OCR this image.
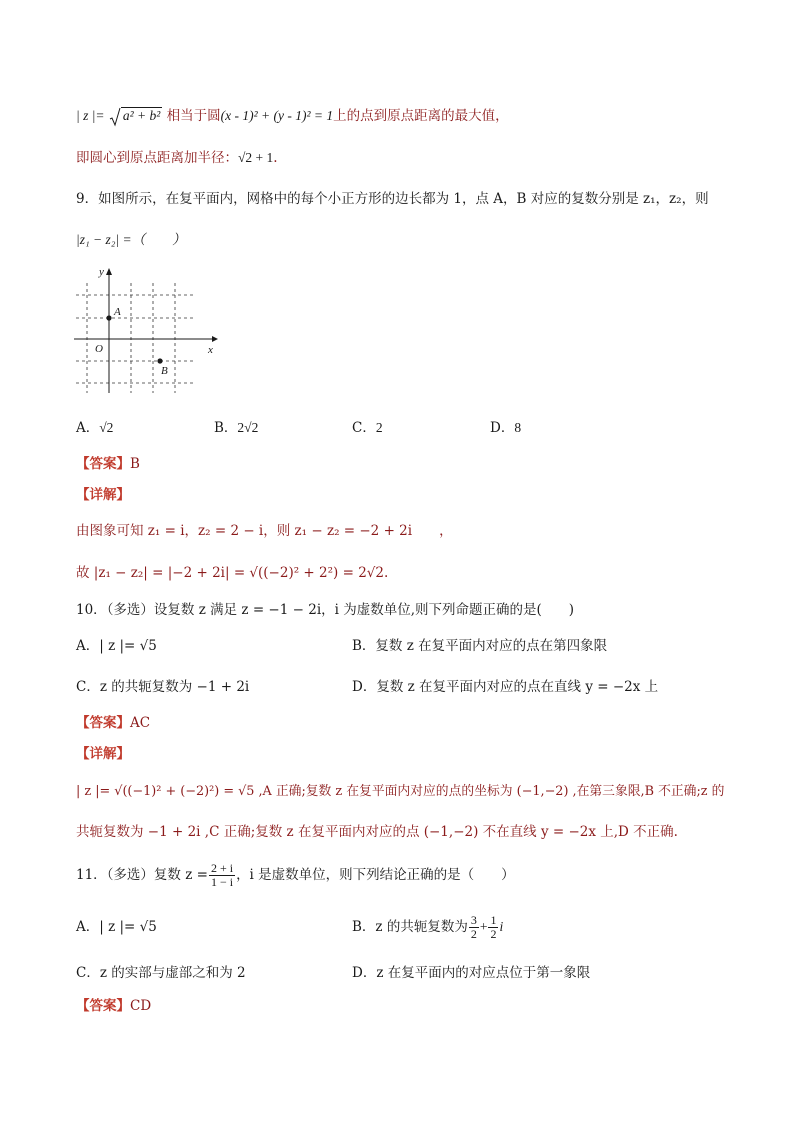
| z |= a² + b² 相当于圆(x - 1)² + (y - 1)² = 1上的点到原点距离的最大值，
即圆心到原点距离加半径：√2 + 1.
9．如图所示，在复平面内，网格中的每个小正方形的边长都为 1，点 A，B 对应的复数分别是 z₁，z₂，则
|z₁ − z₂| =（　　）
y
x
O
A
B
A．√2	B．2√2	C．2	D．8
【答案】B
【详解】
由图象可知 z₁ = i，z₂ = 2 − i，则 z₁ − z₂ = −2 + 2i　　，
故 |z₁ − z₂| = |−2 + 2i| = √((−2)² + 2²) = 2√2.
10．（多选）设复数 z 满足 z = −1 − 2i，i 为虚数单位,则下列命题正确的是(　　)
A．| z |= √5	B．复数 z 在复平面内对应的点在第四象限
C．z 的共轭复数为 −1 + 2i	D．复数 z 在复平面内对应的点在直线 y = −2x 上
【答案】AC
【详解】
| z |= √((−1)² + (−2)²) = √5 ,A 正确;复数 z 在复平面内对应的点的坐标为 (−1,−2) ,在第三象限,B 不正确;z 的
共轭复数为 −1 + 2i ,C 正确;复数 z 在复平面内对应的点 (−1,−2) 不在直线 y = −2x 上,D 不正确.
11．（多选）复数 $z = \frac{2 + i}{1 - i}$ ，i 是虚数单位，则下列结论正确的是（　　）
A．| z |= √5	B．z 的共轭复数为 $\frac{3}{2} + \frac{1}{2}$ i
C．z 的实部与虚部之和为 2	D．z 在复平面内的对应点位于第一象限
【答案】CD
